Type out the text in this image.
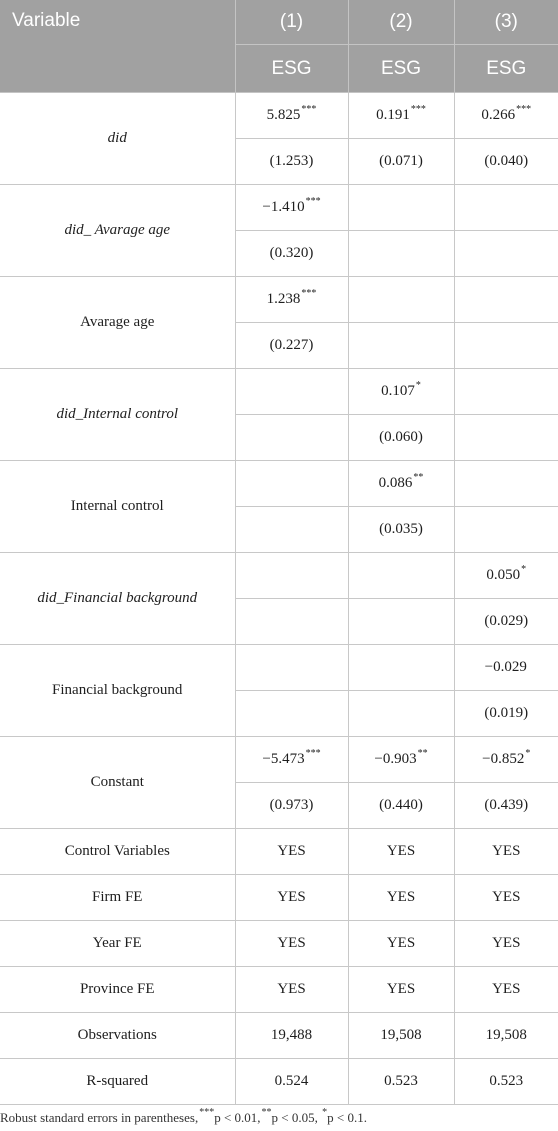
Variable	(1)	(2)	(3)
	ESG	ESG	ESG
did	5.825***	0.191***	0.266***
	(1.253)	(0.071)	(0.040)
did_ Avarage age	−1.410***		
	(0.320)		
Avarage age	1.238***		
	(0.227)		
did_Internal control		0.107*	
		(0.060)	
Internal control		0.086**	
		(0.035)	
did_Financial background			0.050*
			(0.029)
Financial background			−0.029
			(0.019)
Constant	−5.473***	−0.903**	−0.852*
	(0.973)	(0.440)	(0.439)
Control Variables	YES	YES	YES
Firm FE	YES	YES	YES
Year FE	YES	YES	YES
Province FE	YES	YES	YES
Observations	19,488	19,508	19,508
R-squared	0.524	0.523	0.523
Robust standard errors in parentheses,***p < 0.01,**p < 0.05, *p < 0.1.
